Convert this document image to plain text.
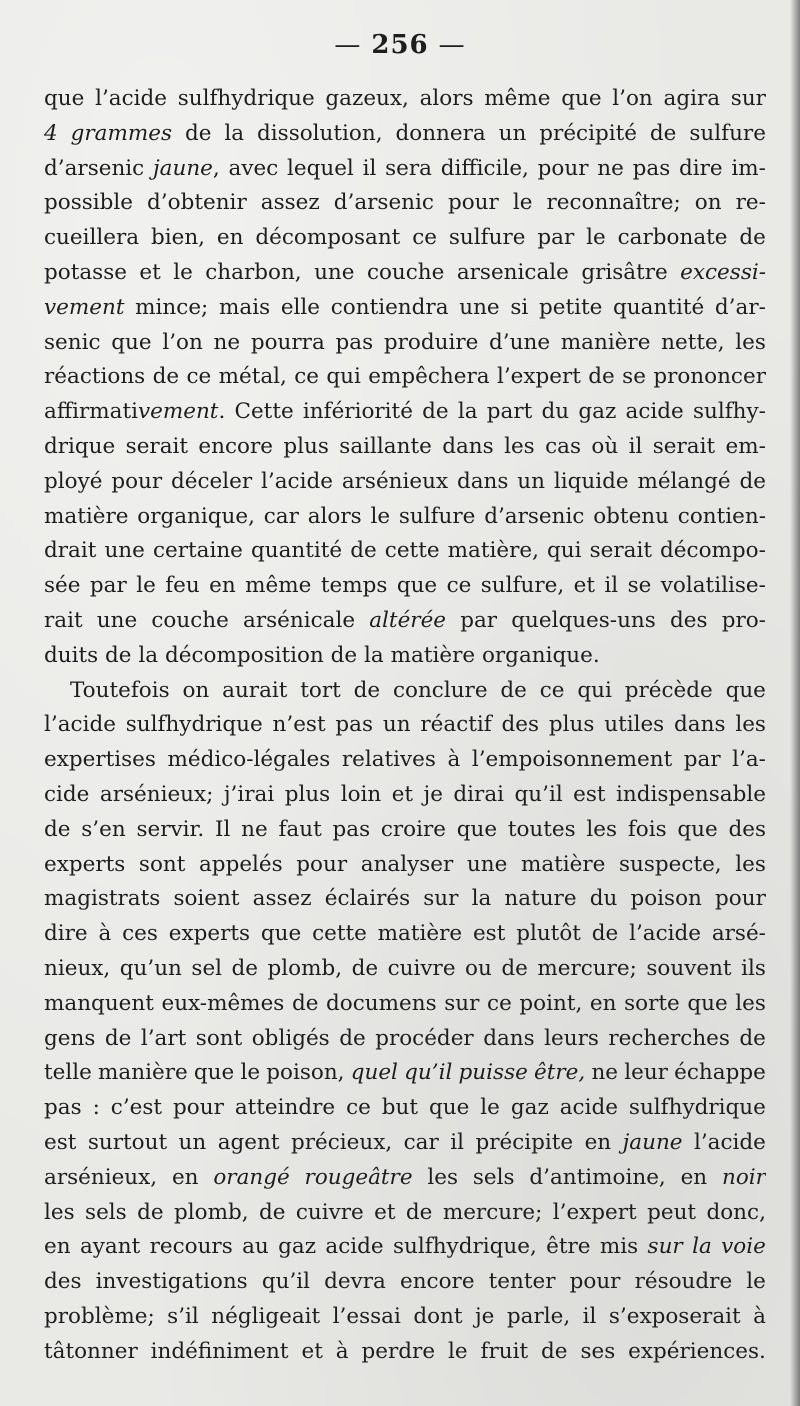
— 256 —
que l’acide sulfhydrique gazeux, alors même que l’on agira sur
4 grammes de la dissolution, donnera un précipité de sulfure
d’arsenic jaune, avec lequel il sera difficile, pour ne pas dire im-
possible d’obtenir assez d’arsenic pour le reconnaître; on re-
cueillera bien, en décomposant ce sulfure par le carbonate de
potasse et le charbon, une couche arsenicale grisâtre excessi-
vement mince; mais elle contiendra une si petite quantité d’ar-
senic que l’on ne pourra pas produire d’une manière nette, les
réactions de ce métal, ce qui empêchera l’expert de se prononcer
affirmativement. Cette infériorité de la part du gaz acide sulfhy-
drique serait encore plus saillante dans les cas où il serait em-
ployé pour déceler l’acide arsénieux dans un liquide mélangé de
matière organique, car alors le sulfure d’arsenic obtenu contien-
drait une certaine quantité de cette matière, qui serait décompo-
sée par le feu en même temps que ce sulfure, et il se volatilise-
rait une couche arsénicale altérée par quelques-uns des pro-
duits de la décomposition de la matière organique.
Toutefois on aurait tort de conclure de ce qui précède que
l’acide sulfhydrique n’est pas un réactif des plus utiles dans les
expertises médico-légales relatives à l’empoisonnement par l’a-
cide arsénieux; j’irai plus loin et je dirai qu’il est indispensable
de s’en servir. Il ne faut pas croire que toutes les fois que des
experts sont appelés pour analyser une matière suspecte, les
magistrats soient assez éclairés sur la nature du poison pour
dire à ces experts que cette matière est plutôt de l’acide arsé-
nieux, qu’un sel de plomb, de cuivre ou de mercure; souvent ils
manquent eux-mêmes de documens sur ce point, en sorte que les
gens de l’art sont obligés de procéder dans leurs recherches de
telle manière que le poison, quel qu’il puisse être, ne leur échappe
pas : c’est pour atteindre ce but que le gaz acide sulfhydrique
est surtout un agent précieux, car il précipite en jaune l’acide
arsénieux, en orangé rougeâtre les sels d’antimoine, en noir
les sels de plomb, de cuivre et de mercure; l’expert peut donc,
en ayant recours au gaz acide sulfhydrique, être mis sur la voie
des investigations qu’il devra encore tenter pour résoudre le
problème; s’il négligeait l’essai dont je parle, il s’exposerait à
tâtonner indéfiniment et à perdre le fruit de ses expériences.
